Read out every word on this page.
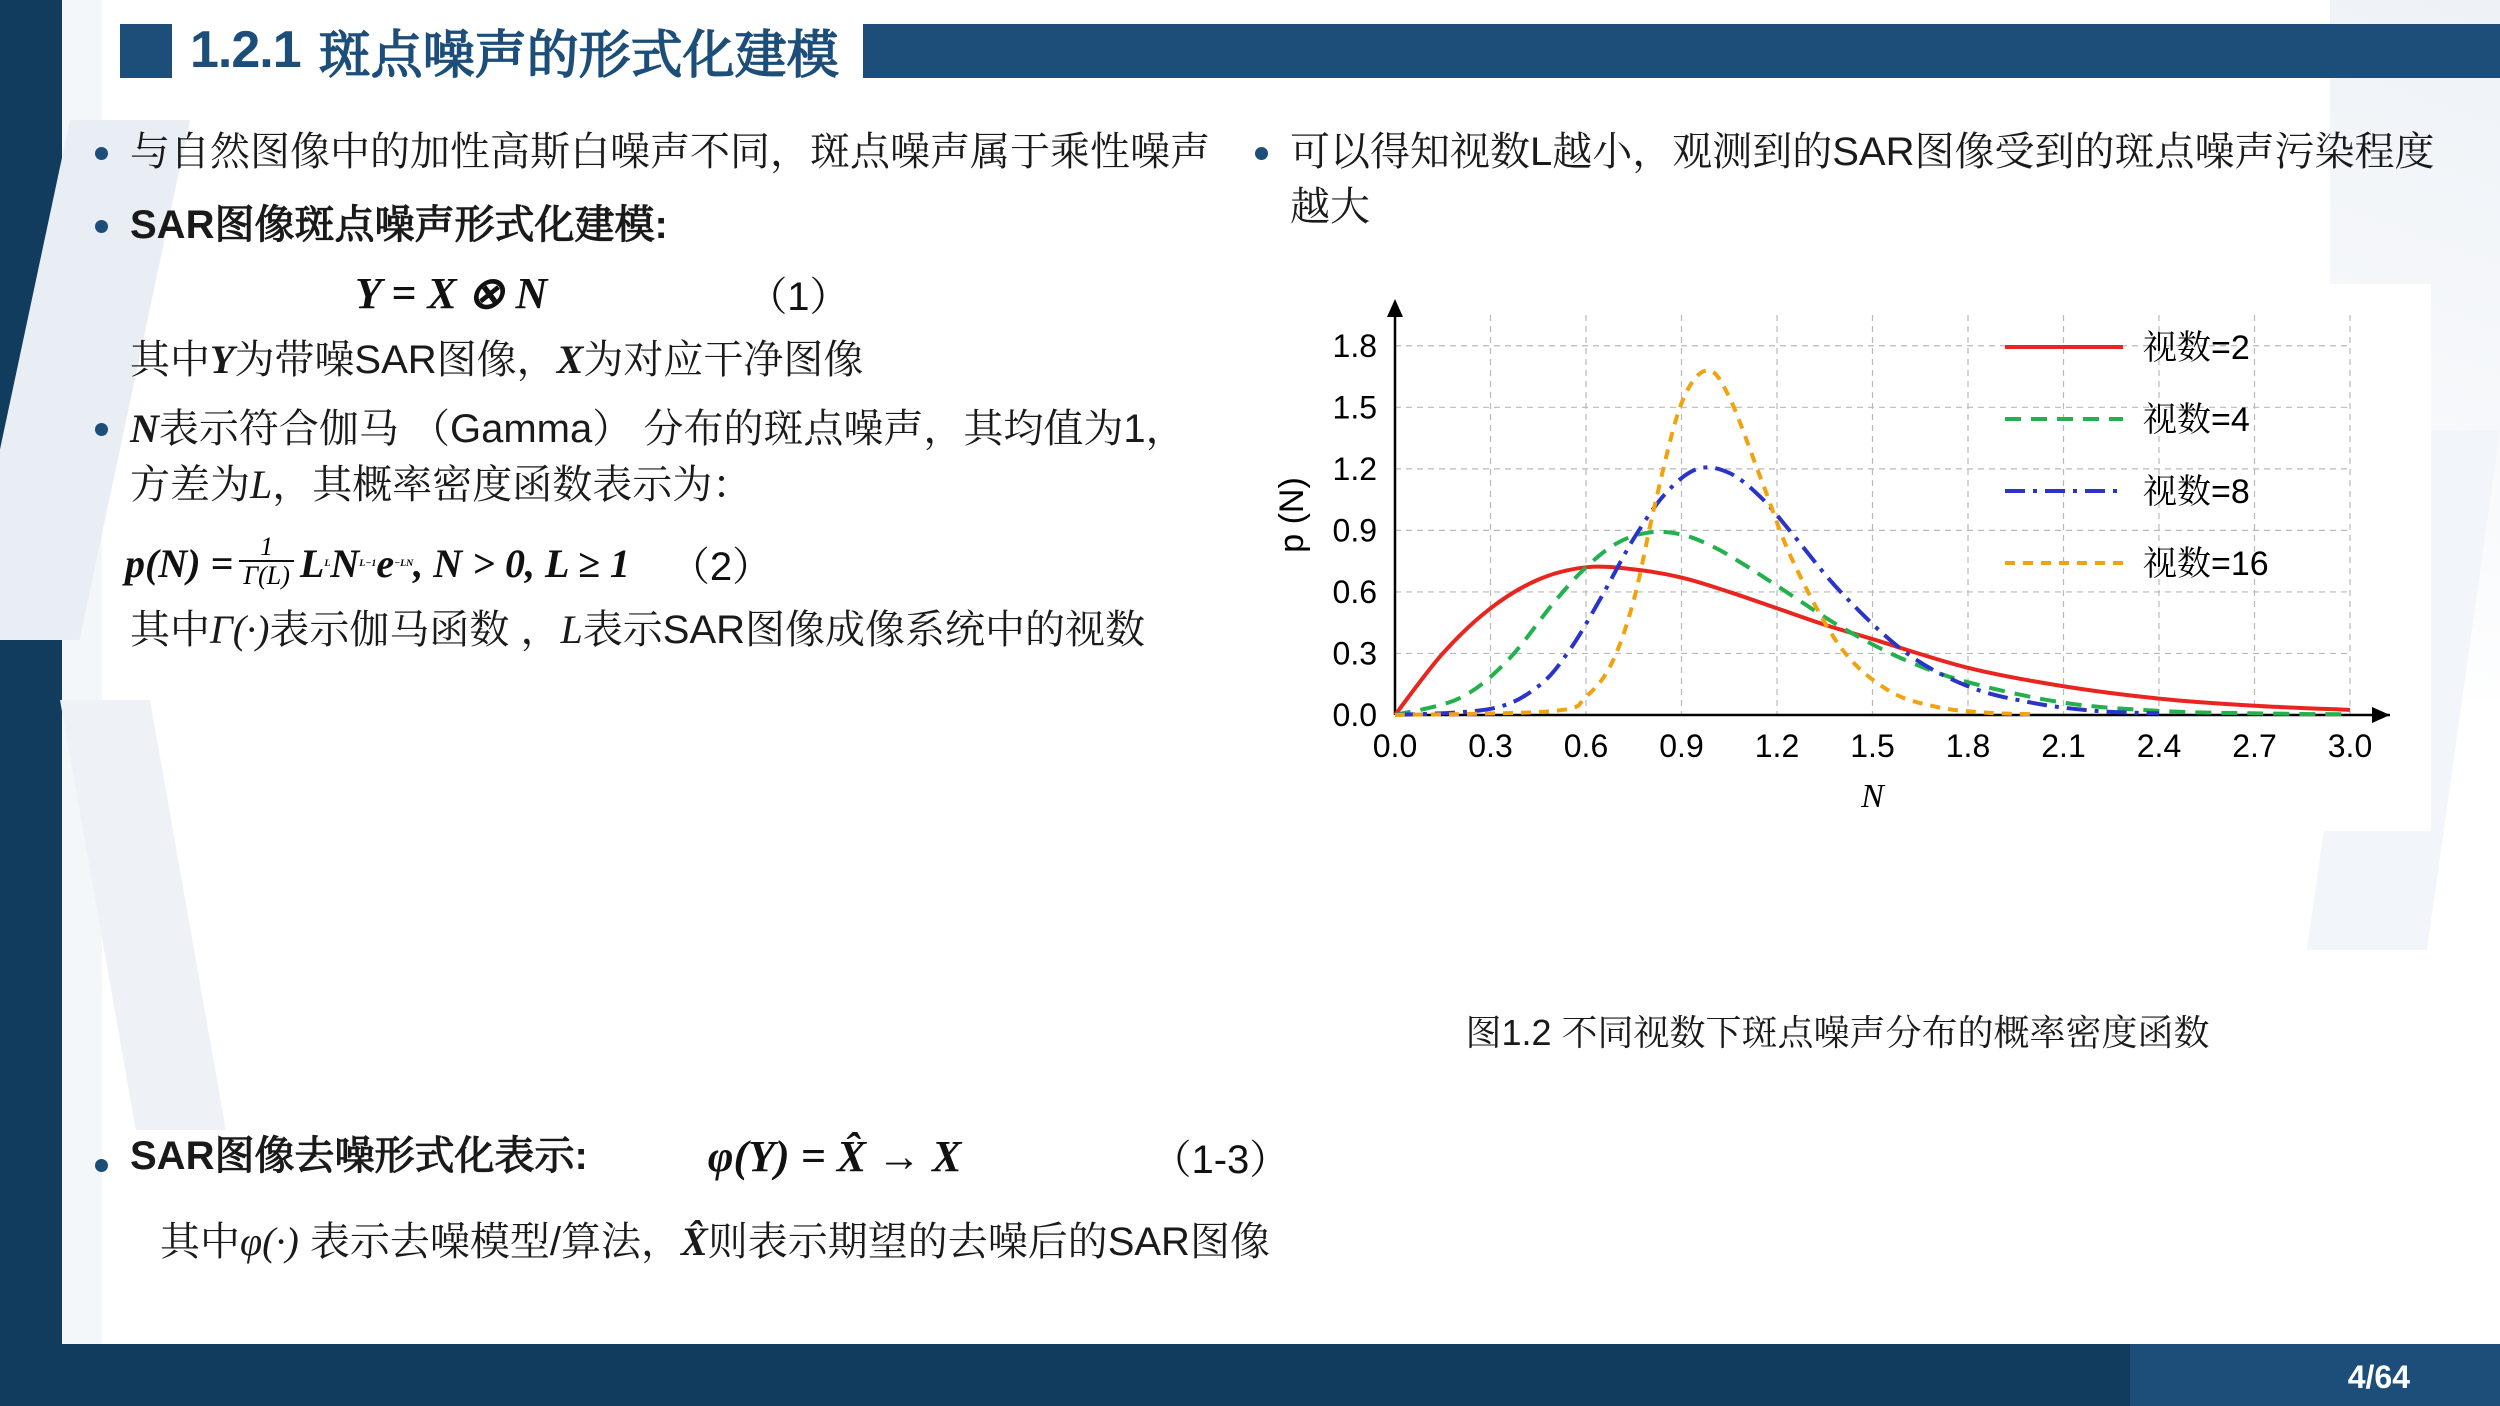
1.2.1 斑点噪声的形式化建模
与自然图像中的加性高斯白噪声不同，斑点噪声属于乘性噪声
SAR图像斑点噪声形式化建模:
Y = X ⊗ N	（1）
其中Y为带噪SAR图像，X为对应干净图像
N表示符合伽马 （Gamma） 分布的斑点噪声，其均值为1，方差为L，其概率密度函数表示为：
$p(N) = \frac{1}{\Gamma(L)}$ L L N L−1 e −LN , N > 0, L ≥ 1 （2）
其中Γ(·)表示伽马函数 ，L表示SAR图像成像系统中的视数
可以得知视数L越小，观测到的SAR图像受到的斑点噪声污染程度越大
0.0
0.3
0.6
0.9
1.2
1.5
1.8
0.0 0.3 0.6 0.9 1.2 1.5 1.8 2.1 2.4 2.7 3.0
p (N)
N
视数=2
视数=4
视数=8
视数=16
图1.2 不同视数下斑点噪声分布的概率密度函数
SAR图像去噪形式化表示:	φ(Y) = X̂ → X	（1-3）
其中φ(·) 表示去噪模型/算法，X̂则表示期望的去噪后的SAR图像
4/64
